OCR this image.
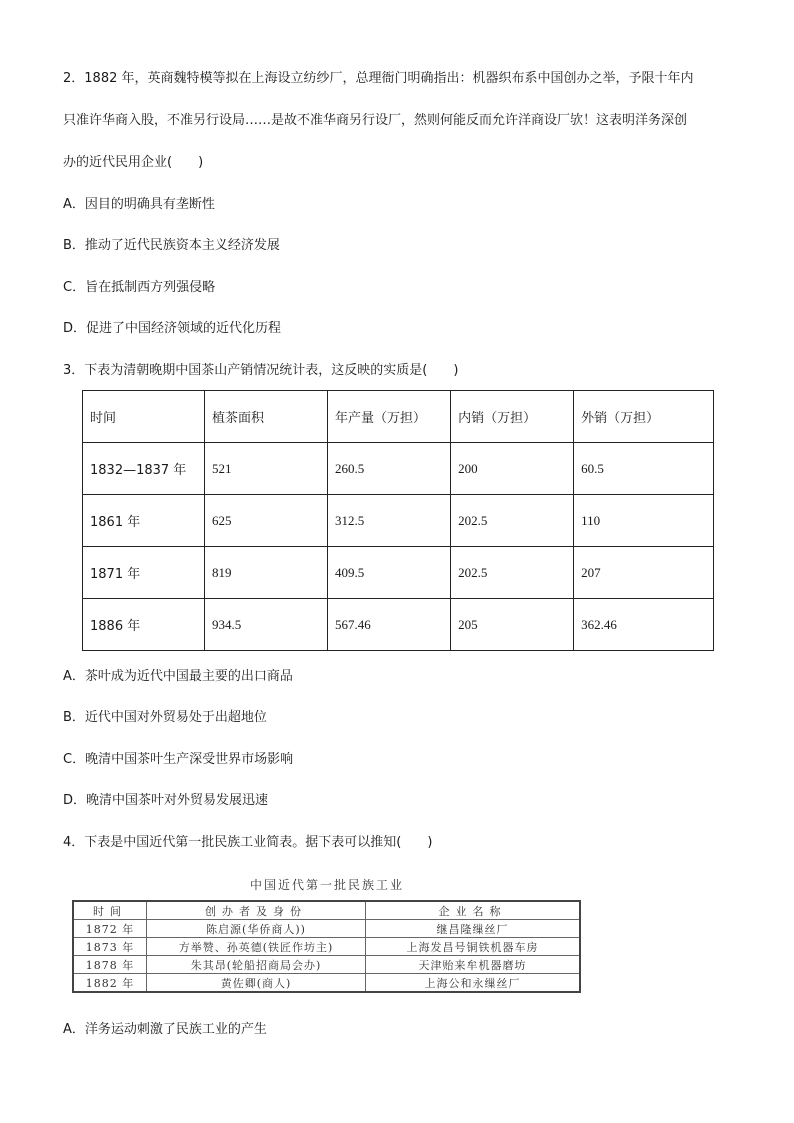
2．1882 年，英商魏特模等拟在上海设立纺纱厂，总理衙门明确指出：机器织布系中国创办之举，予限十年内
只准许华商入股，不准另行设局……是故不准华商另行设厂，然则何能反而允许洋商设厂欤！这表明洋务深创
办的近代民用企业(　　)
A．因目的明确具有垄断性
B．推动了近代民族资本主义经济发展
C．旨在抵制西方列强侵略
D．促进了中国经济领域的近代化历程
3．下表为清朝晚期中国茶山产销情况统计表，这反映的实质是(　　)
时间	植茶面积	年产量（万担）	内销（万担）	外销（万担）
1832—1837 年	521	260.5	200	60.5
1861 年	625	312.5	202.5	110
1871 年	819	409.5	202.5	207
1886 年	934.5	567.46	205	362.46
A．茶叶成为近代中国最主要的出口商品
B．近代中国对外贸易处于出超地位
C．晚清中国茶叶生产深受世界市场影响
D．晚清中国茶叶对外贸易发展迅速
4．下表是中国近代第一批民族工业简表。据下表可以推知(　　)
中国近代第一批民族工业
时间	创办者及身份	企业名称
1872 年	陈启源(华侨商人))	继昌隆缫丝厂
1873 年	方举赞、孙英德(铁匠作坊主)	上海发昌号铜铁机器车房
1878 年	朱其昂(轮船招商局会办)	天津贻来牟机器磨坊
1882 年	黄佐卿(商人)	上海公和永缫丝厂
A．洋务运动刺激了民族工业的产生
